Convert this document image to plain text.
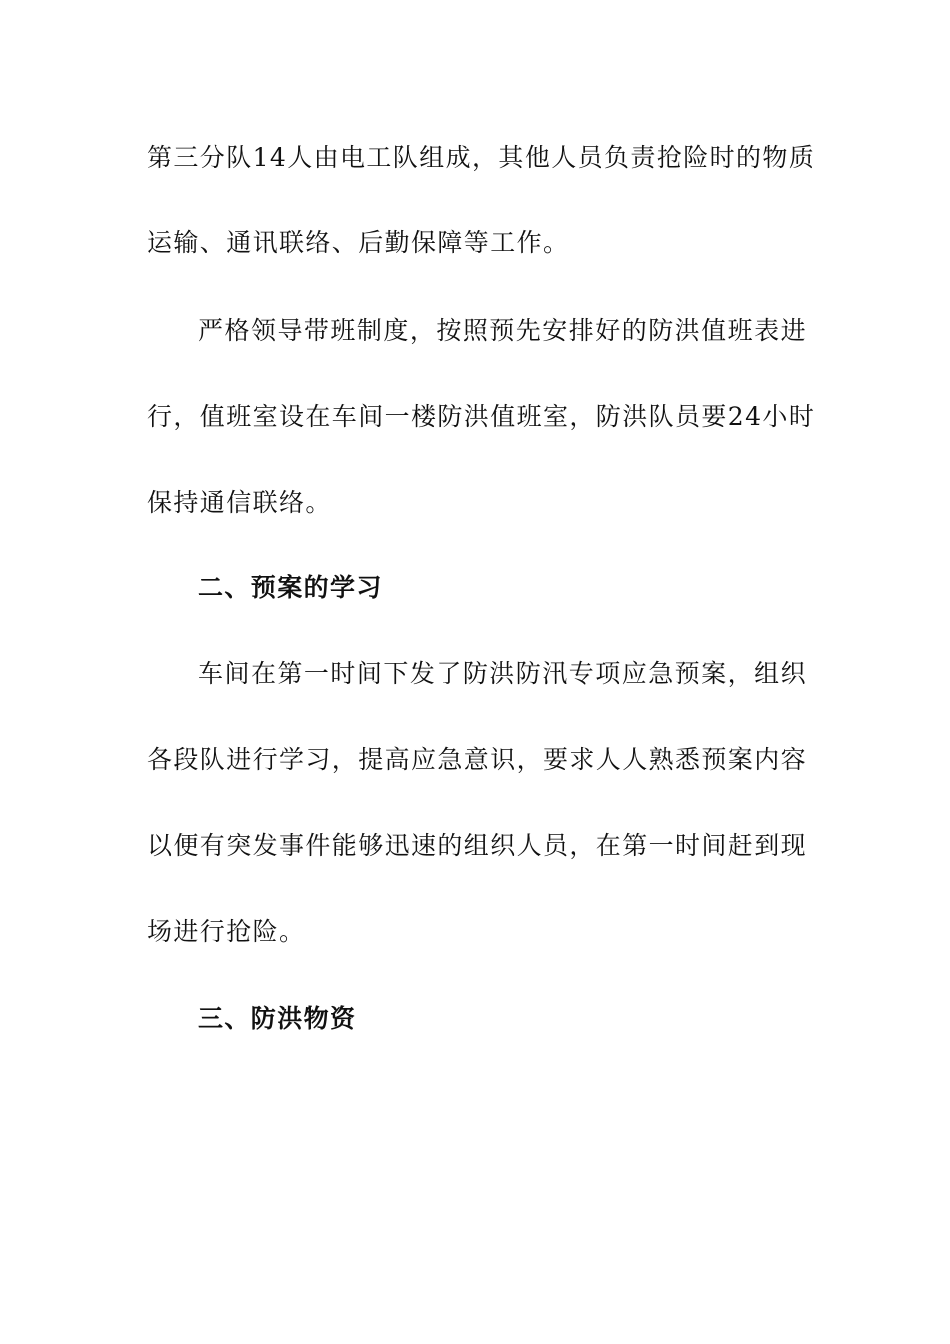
第三分队14人由电工队组成，其他人员负责抢险时的物质
运输、通讯联络、后勤保障等工作。
严格领导带班制度，按照预先安排好的防洪值班表进
行，值班室设在车间一楼防洪值班室，防洪队员要24小时
保持通信联络。
二、预案的学习
车间在第一时间下发了防洪防汛专项应急预案，组织
各段队进行学习，提高应急意识，要求人人熟悉预案内容
以便有突发事件能够迅速的组织人员，在第一时间赶到现
场进行抢险。
三、防洪物资
